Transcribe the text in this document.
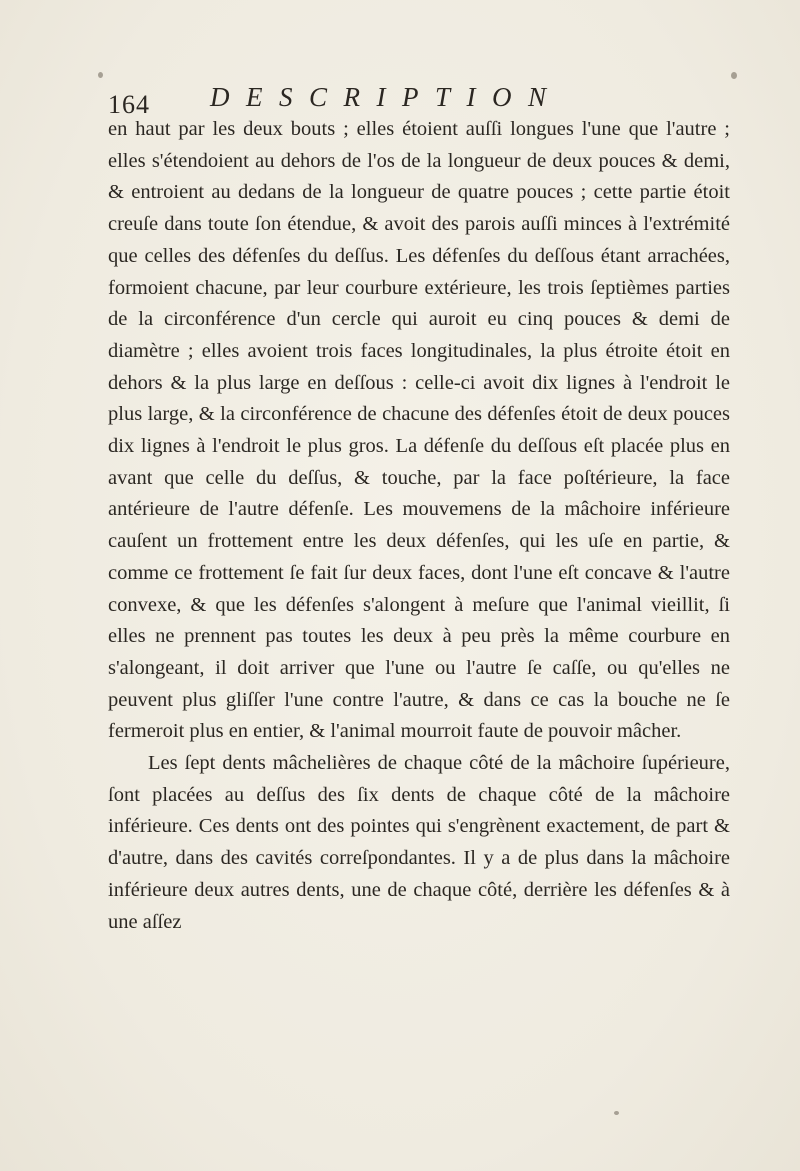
164 DESCRIPTION

en haut par les deux bouts ; elles étoient auſſi longues l'une que l'autre ; elles s'étendoient au dehors de l'os de la longueur de deux pouces & demi, & entroient au dedans de la longueur de quatre pouces ; cette partie étoit creuſe dans toute ſon étendue, & avoit des parois auſſi minces à l'extrémité que celles des défenſes du deſſus. Les défenſes du deſſous étant arrachées, formoient chacune, par leur courbure extérieure, les trois ſeptièmes parties de la circonférence d'un cercle qui auroit eu cinq pouces & demi de diamètre ; elles avoient trois faces longitudinales, la plus étroite étoit en dehors & la plus large en deſſous : celle-ci avoit dix lignes à l'endroit le plus large, & la circonférence de chacune des défenſes étoit de deux pouces dix lignes à l'endroit le plus gros. La défenſe du deſſous eſt placée plus en avant que celle du deſſus, & touche, par la face poſtérieure, la face antérieure de l'autre défenſe. Les mouvemens de la mâchoire inférieure cauſent un frottement entre les deux défenſes, qui les uſe en partie, & comme ce frottement ſe fait ſur deux faces, dont l'une eſt concave & l'autre convexe, & que les défenſes s'alongent à meſure que l'animal vieillit, ſi elles ne prennent pas toutes les deux à peu près la même courbure en s'alongeant, il doit arriver que l'une ou l'autre ſe caſſe, ou qu'elles ne peuvent plus gliſſer l'une contre l'autre, & dans ce cas la bouche ne ſe fermeroit plus en entier, & l'animal mourroit faute de pouvoir mâcher.

Les ſept dents mâchelières de chaque côté de la mâchoire ſupérieure, ſont placées au deſſus des ſix dents de chaque côté de la mâchoire inférieure. Ces dents ont des pointes qui s'engrènent exactement, de part & d'autre, dans des cavités correſpondantes. Il y a de plus dans la mâchoire inférieure deux autres dents, une de chaque côté, derrière les défenſes & à une aſſez
